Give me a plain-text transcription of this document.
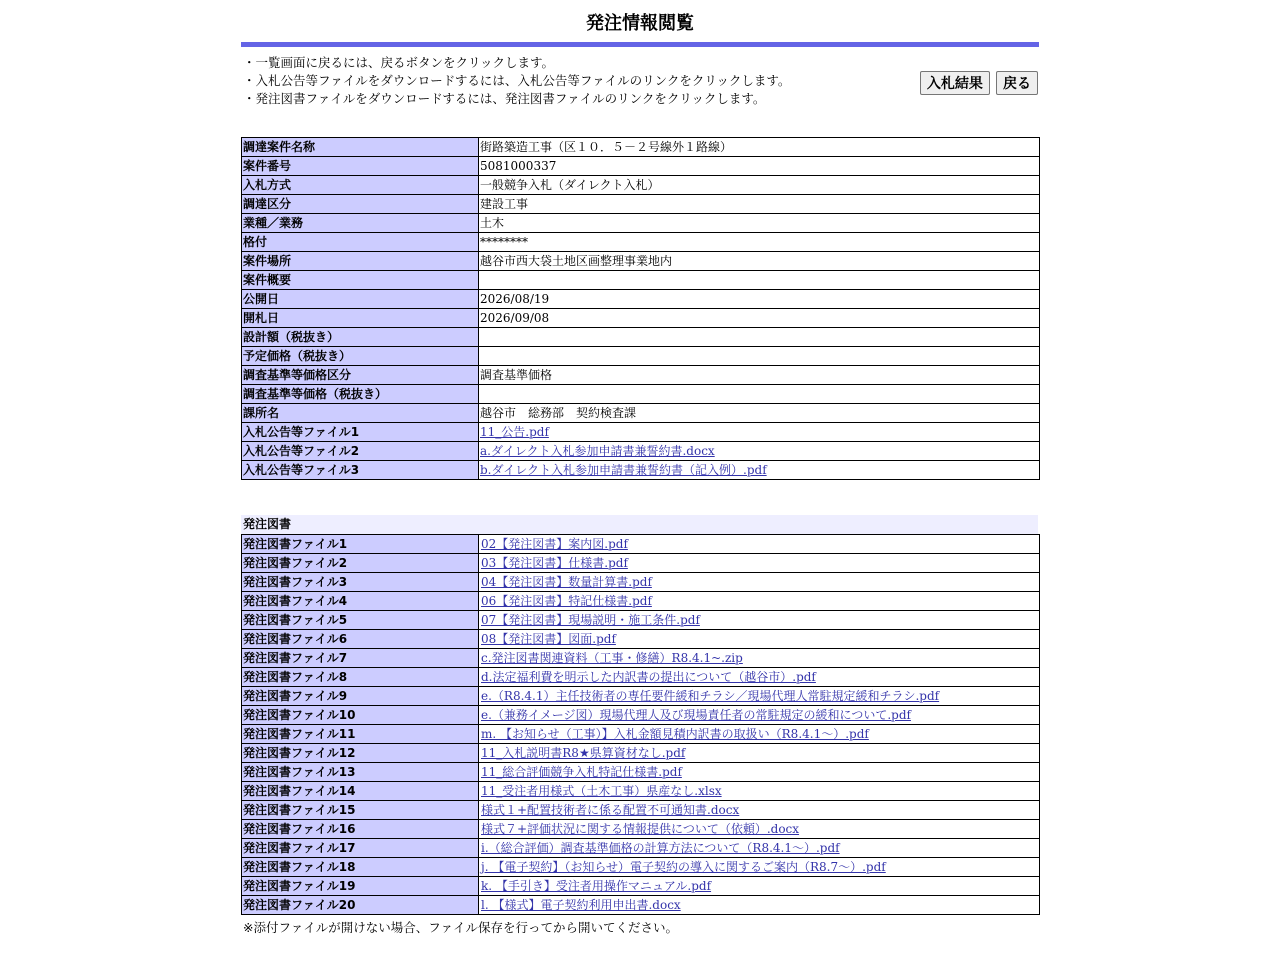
発注情報閲覧
・一覧画面に戻るには、戻るボタンをクリックします。
・入札公告等ファイルをダウンロードするには、入札公告等ファイルのリンクをクリックします。
・発注図書ファイルをダウンロードするには、発注図書ファイルのリンクをクリックします。
入札結果 戻る
調達案件名称	街路築造工事（区１０．５－２号線外１路線）
案件番号	5081000337
入札方式	一般競争入札（ダイレクト入札）
調達区分	建設工事
業種／業務	土木
格付	********
案件場所	越谷市西大袋土地区画整理事業地内
案件概要	
公開日	2026/08/19
開札日	2026/09/08
設計額（税抜き）	
予定価格（税抜き）	
調査基準等価格区分	調査基準価格
調査基準等価格（税抜き）	
課所名	越谷市　総務部　契約検査課
入札公告等ファイル1	11_公告.pdf
入札公告等ファイル2	a.ダイレクト入札参加申請書兼誓約書.docx
入札公告等ファイル3	b.ダイレクト入札参加申請書兼誓約書（記入例）.pdf
発注図書
発注図書ファイル1	02【発注図書】案内図.pdf
発注図書ファイル2	03【発注図書】仕様書.pdf
発注図書ファイル3	04【発注図書】数量計算書.pdf
発注図書ファイル4	06【発注図書】特記仕様書.pdf
発注図書ファイル5	07【発注図書】現場説明・施工条件.pdf
発注図書ファイル6	08【発注図書】図面.pdf
発注図書ファイル7	c.発注図書関連資料（工事・修繕）R8.4.1~.zip
発注図書ファイル8	d.法定福利費を明示した内訳書の提出について（越谷市）.pdf
発注図書ファイル9	e.（R8.4.1）主任技術者の専任要件緩和チラシ／現場代理人常駐規定緩和チラシ.pdf
発注図書ファイル10	e.（兼務イメージ図）現場代理人及び現場責任者の常駐規定の緩和について.pdf
発注図書ファイル11	m. 【お知らせ（工事）】入札金額見積内訳書の取扱い（R8.4.1～）.pdf
発注図書ファイル12	11_入札説明書R8★県算資材なし.pdf
発注図書ファイル13	11_総合評価競争入札特記仕様書.pdf
発注図書ファイル14	11_受注者用様式（土木工事）県産なし.xlsx
発注図書ファイル15	様式１+配置技術者に係る配置不可通知書.docx
発注図書ファイル16	様式７+評価状況に関する情報提供について（依頼）.docx
発注図書ファイル17	i.（総合評価）調査基準価格の計算方法について（R8.4.1～）.pdf
発注図書ファイル18	j. 【電子契約】（お知らせ）電子契約の導入に関するご案内（R8.7～）.pdf
発注図書ファイル19	k. 【手引き】受注者用操作マニュアル.pdf
発注図書ファイル20	l. 【様式】電子契約利用申出書.docx
※添付ファイルが開けない場合、ファイル保存を行ってから開いてください。
